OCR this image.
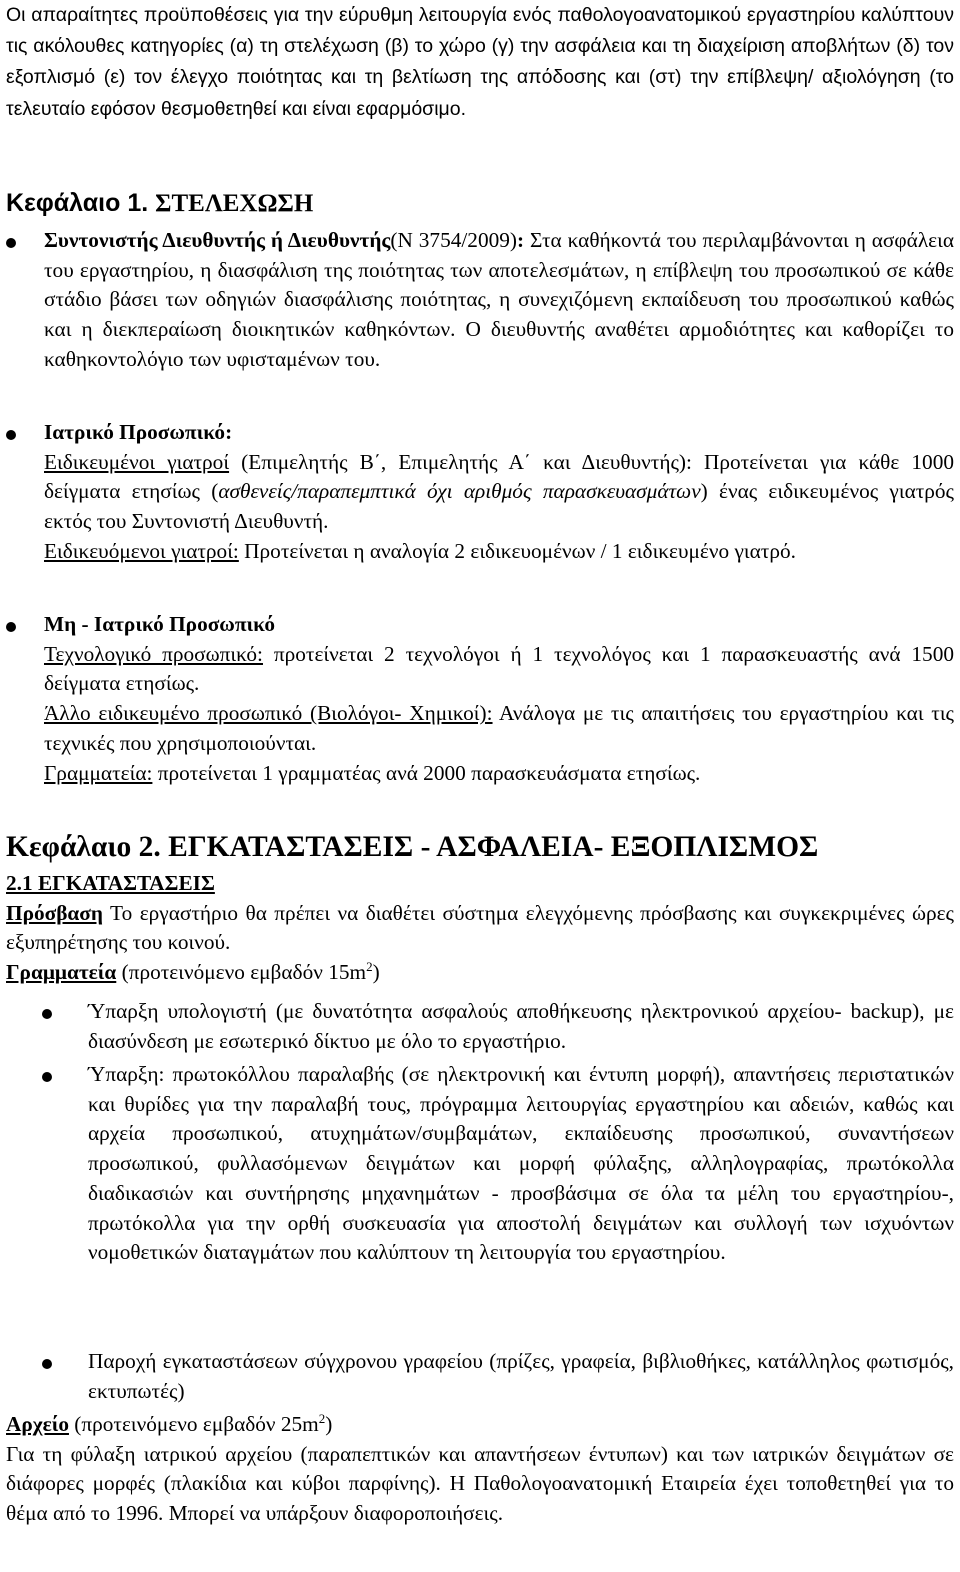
Οι απαραίτητες προϋποθέσεις για την εύρυθμη λειτουργία ενός παθολογοανατομικού εργαστηρίου καλύπτουν τις ακόλουθες κατηγορίες (α) τη στελέχωση (β) το χώρο (γ) την ασφάλεια και τη διαχείριση αποβλήτων (δ) τον εξοπλισμό (ε) τον έλεγχο ποιότητας και τη βελτίωση της απόδοσης και (στ) την επίβλεψη/ αξιολόγηση (το τελευταίο εφόσον θεσμοθετηθεί και είναι εφαρμόσιμο.
Κεφάλαιο 1. ΣΤΕΛΕΧΩΣΗ

Συντονιστής Διευθυντής ή Διευθυντής(Ν 3754/2009): Στα καθήκοντά του περιλαμβάνονται η ασφάλεια του εργαστηρίου, η διασφάλιση της ποιότητας των αποτελεσμάτων, η επίβλεψη του προσωπικού σε κάθε στάδιο βάσει των οδηγιών διασφάλισης ποιότητας, η συνεχιζόμενη εκπαίδευση του προσωπικού καθώς και η διεκπεραίωση διοικητικών καθηκόντων. Ο διευθυντής αναθέτει αρμοδιότητες και καθορίζει το καθηκοντολόγιο των υφισταμένων του.

Ιατρικό Προσωπικό:

Ειδικευμένοι γιατροί (Επιμελητής Β΄, Επιμελητής Α΄ και Διευθυντής): Προτείνεται για κάθε 1000 δείγματα ετησίως (ασθενείς/παραπεμπτικά όχι αριθμός παρασκευασμάτων) ένας ειδικευμένος γιατρός εκτός του Συντονιστή Διευθυντή.

Ειδικευόμενοι γιατροί: Προτείνεται η αναλογία 2 ειδικευομένων / 1 ειδικευμένο γιατρό.

Μη - Ιατρικό Προσωπικό

Τεχνολογικό προσωπικό: προτείνεται 2 τεχνολόγοι ή 1 τεχνολόγος και 1 παρασκευαστής ανά 1500 δείγματα ετησίως.

Άλλο ειδικευμένο προσωπικό (Βιολόγοι- Χημικοί): Ανάλογα με τις απαιτήσεις του εργαστηρίου και τις τεχνικές που χρησιμοποιούνται.

Γραμματεία: προτείνεται 1 γραμματέας ανά 2000 παρασκευάσματα ετησίως.

Κεφάλαιο 2. ΕΓΚΑΤΑΣΤΑΣΕΙΣ - ΑΣΦΑΛΕΙΑ- ΕΞΟΠΛΙΣΜΟΣ

2.1 ΕΓΚΑΤΑΣΤΑΣΕΙΣ

Πρόσβαση Το εργαστήριο θα πρέπει να διαθέτει σύστημα ελεγχόμενης πρόσβασης και συγκεκριμένες ώρες εξυπηρέτησης του κοινού.

Γραμματεία (προτεινόμενο εμβαδόν $15m^2$)

Ύπαρξη υπολογιστή (με δυνατότητα ασφαλούς αποθήκευσης ηλεκτρονικού αρχείου- backup), με διασύνδεση με εσωτερικό δίκτυο με όλο το εργαστήριο.
Ύπαρξη: πρωτοκόλλου παραλαβής (σε ηλεκτρονική και έντυπη μορφή), απαντήσεις περιστατικών και θυρίδες για την παραλαβή τους, πρόγραμμα λειτουργίας εργαστηρίου και αδειών, καθώς και αρχεία προσωπικού, ατυχημάτων/συμβαμάτων, εκπαίδευσης προσωπικού, συναντήσεων προσωπικού, φυλλασόμενων δειγμάτων και μορφή φύλαξης, αλληλογραφίας, πρωτόκολλα διαδικασιών και συντήρησης μηχανημάτων - προσβάσιμα σε όλα τα μέλη του εργαστηρίου-, πρωτόκολλα για την ορθή συσκευασία για αποστολή δειγμάτων και συλλογή των ισχυόντων νομοθετικών διαταγμάτων που καλύπτουν τη λειτουργία του εργαστηρίου.
Παροχή εγκαταστάσεων σύγχρονου γραφείου (πρίζες, γραφεία, βιβλιοθήκες, κατάλληλος φωτισμός, εκτυπωτές)

Αρχείο (προτεινόμενο εμβαδόν $25m^2$)

Για τη φύλαξη ιατρικού αρχείου (παραπεπτικών και απαντήσεων έντυπων) και των ιατρικών δειγμάτων σε διάφορες μορφές (πλακίδια και κύβοι παρφίνης). Η Παθολογοανατομική Εταιρεία έχει τοποθετηθεί για το θέμα από το 1996. Μπορεί να υπάρξουν διαφοροποιήσεις.
